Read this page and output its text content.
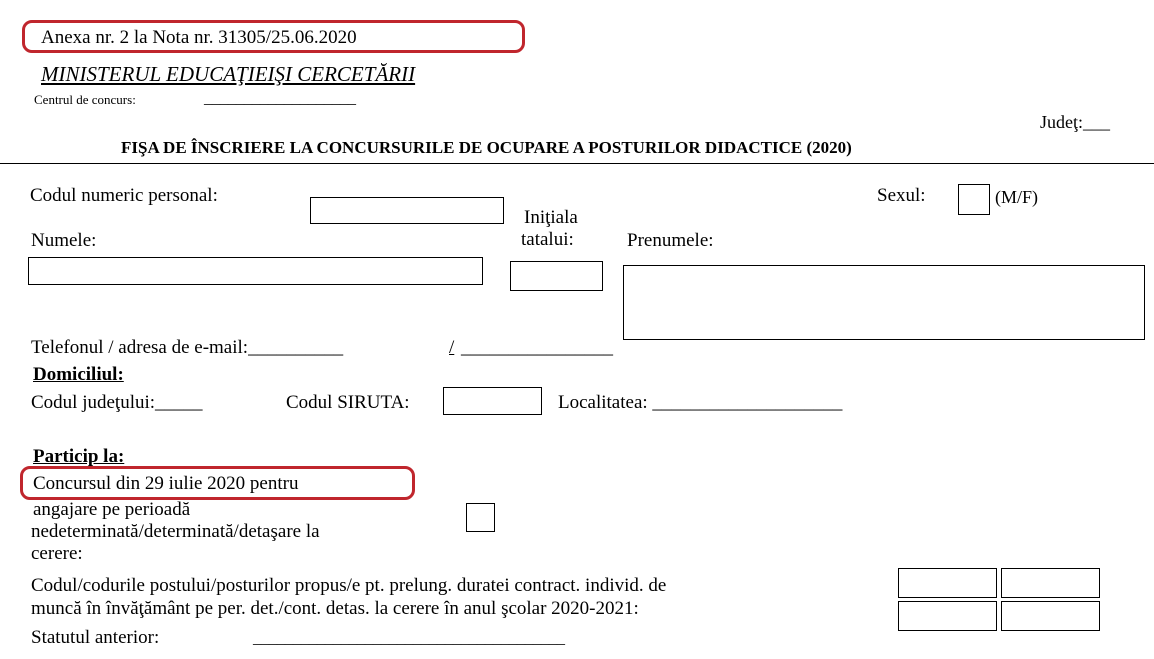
Anexa nr. 2 la Nota nr. 31305/25.06.2020
MINISTERUL EDUCAŢIEIŞI CERCETĂRII
Centrul de concurs:	___________________
Judeţ:___
FIŞA DE ÎNSCRIERE LA CONCURSURILE DE OCUPARE A POSTURILOR DIDACTICE (2020)
Codul numeric personal:
Iniţiala
tatalui:
Sexul:	(M/F)
Numele:	Prenumele:
Telefonul / adresa de e-mail:__________	/ ________________
Domiciliul:
Codul judeţului:_____	Codul SIRUTA:	Localitatea: ____________________
Particip la:
Concursul din 29 iulie 2020 pentru
angajare pe perioadă
nedeterminată/determinată/detaşare la
cerere:
Codul/codurile postului/posturilor propus/e pt. prelung. duratei contract. individ. de
muncă în învăţământ pe per. det./cont. detas. la cerere în anul şcolar 2020-2021:
Statutul anterior:	_______________________________________
